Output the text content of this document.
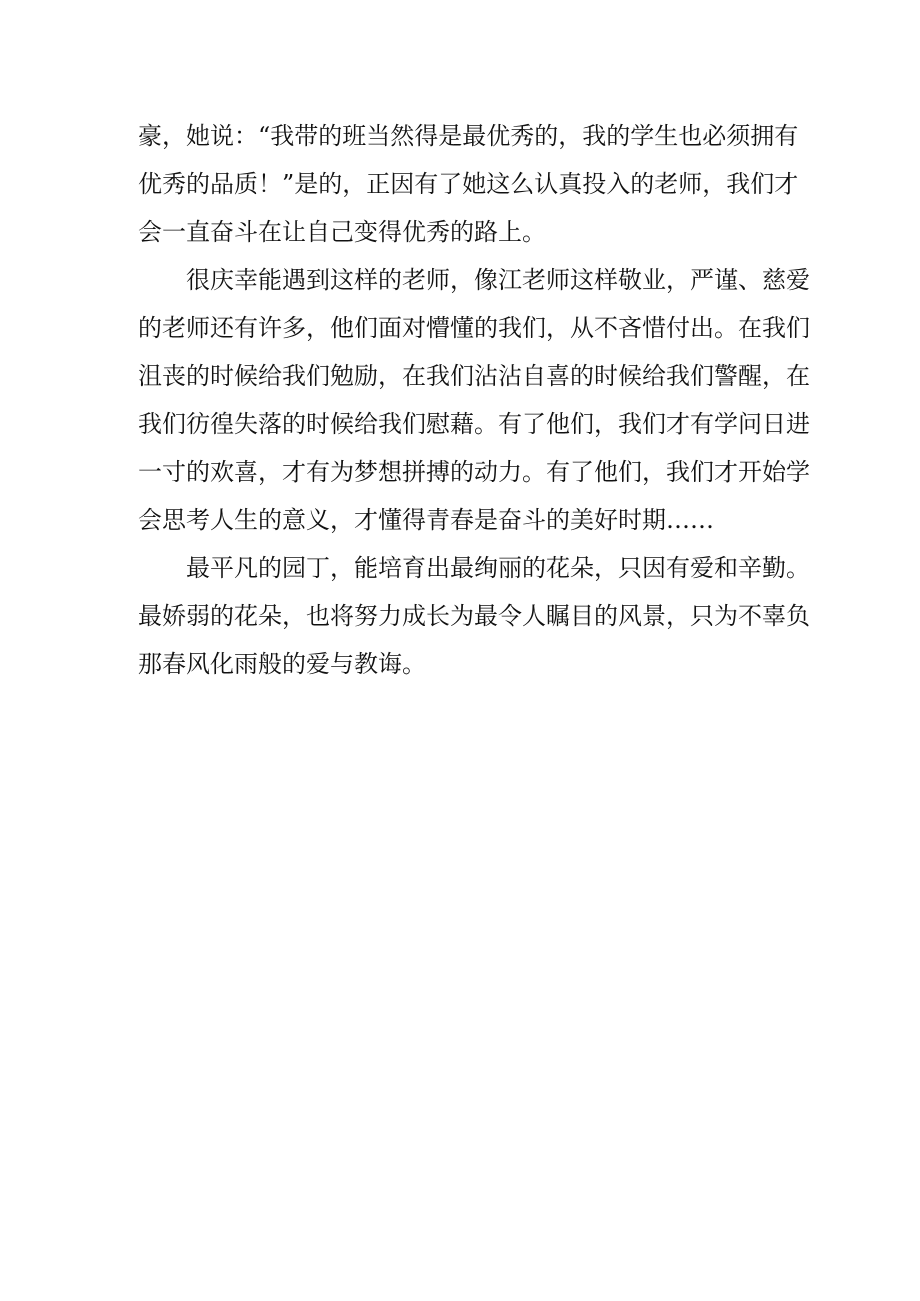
豪，她说：“我带的班当然得是最优秀的，我的学生也必须拥有
优秀的品质！”是的，正因有了她这么认真投入的老师，我们才
会一直奋斗在让自己变得优秀的路上。
很庆幸能遇到这样的老师，像江老师这样敬业，严谨、慈爱
的老师还有许多，他们面对懵懂的我们，从不吝惜付出。在我们
沮丧的时候给我们勉励，在我们沾沾自喜的时候给我们警醒，在
我们彷徨失落的时候给我们慰藉。有了他们，我们才有学问日进
一寸的欢喜，才有为梦想拼搏的动力。有了他们，我们才开始学
会思考人生的意义，才懂得青春是奋斗的美好时期……
最平凡的园丁，能培育出最绚丽的花朵，只因有爱和辛勤。
最娇弱的花朵，也将努力成长为最令人瞩目的风景，只为不辜负
那春风化雨般的爱与教诲。
